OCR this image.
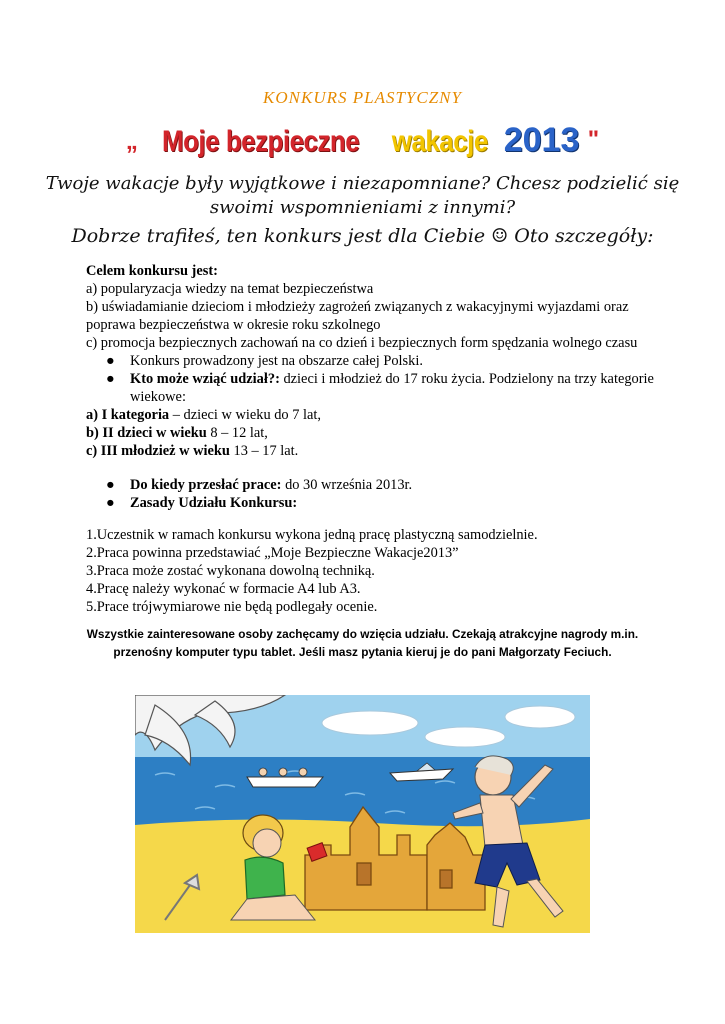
KONKURS PLASTYCZNY
„ Moje bezpieczne wakacje 2013 "
Twoje wakacje były wyjątkowe i niezapomniane? Chcesz podzielić się swoimi wspomnieniami z innymi?
Dobrze trafiłeś, ten konkurs jest dla Ciebie ☺ Oto szczegóły:

Celem konkursu jest:

a) popularyzacja wiedzy na temat bezpieczeństwa

b) uświadamianie dzieciom i młodzieży zagrożeń związanych z wakacyjnymi wyjazdami oraz poprawa bezpieczeństwa w okresie roku szkolnego

c) promocja bezpiecznych zachowań na co dzień i bezpiecznych form spędzania wolnego czasu

● Konkurs prowadzony jest na obszarze całej Polski.

● Kto może wziąć udział?: dzieci i młodzież do 17 roku życia. Podzielony na trzy kategorie wiekowe:

a) I kategoria – dzieci w wieku do 7 lat,

b) II dzieci w wieku 8 – 12 lat,

c) III młodzież w wieku 13 – 17 lat.

● Do kiedy przesłać prace: do 30 września 2013r.

● Zasady Udziału Konkursu:

1.Uczestnik w ramach konkursu wykona jedną pracę plastyczną samodzielnie.

2.Praca powinna przedstawiać „Moje Bezpieczne Wakacje2013”

3.Praca może zostać wykonana dowolną techniką.

4.Pracę należy wykonać w formacie A4 lub A3.

5.Prace trójwymiarowe nie będą podlegały ocenie.

Wszystkie zainteresowane osoby zachęcamy do wzięcia udziału. Czekają atrakcyjne nagrody m.in.
przenośny komputer typu tablet. Jeśli masz pytania kieruj je do pani Małgorzaty Feciuch.
